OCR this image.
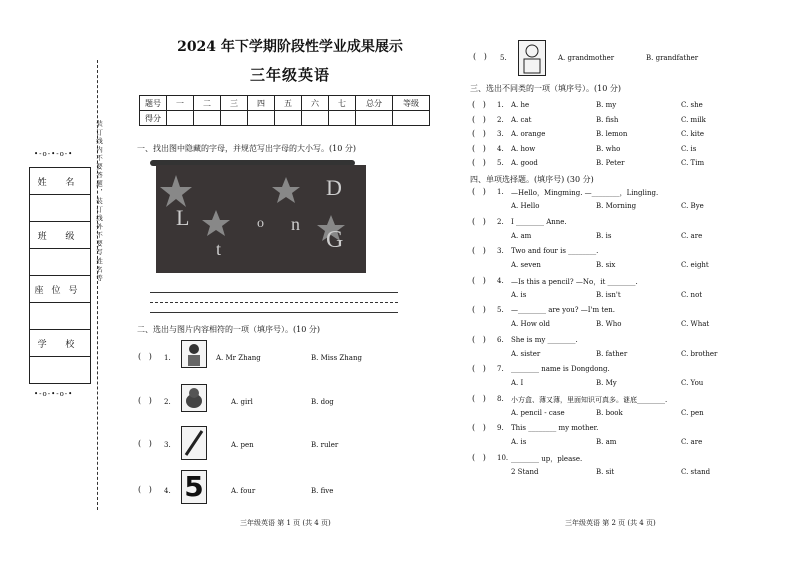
2024 年下学期阶段性学业成果展示
三年级英语
题号	一	二	三	四	五	六	七	总分	等级
得分									
•-o-•-o-•
姓 名
班 级
座位号
学 校
•-o-•-o-•
装 订 线 内 不 要 答 题 ， 装 订 线 外 不 要 写 姓 名 等	一、找出图中隐藏的字母，并规范写出字母的大小写。(10 分)
D
L	n
t	G
o
二、选出与图片内容相符的一项（填序号）。(10 分)
(   ) 1.	A. Mr Zhang	B. Miss Zhang
(   ) 2.	A. girl	B. dog
(   ) 3.	A. pen	B. ruler
(   ) 4. 5	A. four	B. five
三年级英语 第 1 页 (共 4 页)
(   ) 5.	A. grandmother	B. grandfather
三、选出不同类的一项（填序号）。(10 分)
(   ) 1. A. he	B. my	C. she
(   ) 2. A. cat	B. fish	C. milk
(   ) 3. A. orange	B. lemon	C. kite
(   ) 4. A. how	B. who	C. is
(   ) 5. A. good	B. Peter	C. Tim
四、单项选择题。(填序号) (30 分)
(   ) 1. —Hello，Mingming. —________，Lingling.
A. Hello	B. Morning	C. Bye
(   ) 2. I ________ Anne.
A. am	B. is	C. are
(   ) 3. Two and four is ________.
A. seven	B. six	C. eight
(   ) 4. —Is this a pencil? —No，it ________.
A. is	B. isn't	C. not
(   ) 5. —________ are you? —I'm ten.
A. How old	B. Who	C. What
(   ) 6. She is my ________.
A. sister	B. father	C. brother
(   ) 7. ________ name is Dongdong.
A. I	B. My	C. You
(   ) 8. 小方盒、薄又薄，里面知识可真多。谜底________.
A. pencil - case	B. book	C. pen
(   ) 9. This ________ my mother.
A. is	B. am	C. are
(   ) 10. ________ up，please.
2 Stand	B. sit	C. stand
三年级英语 第 2 页 (共 4 页)
